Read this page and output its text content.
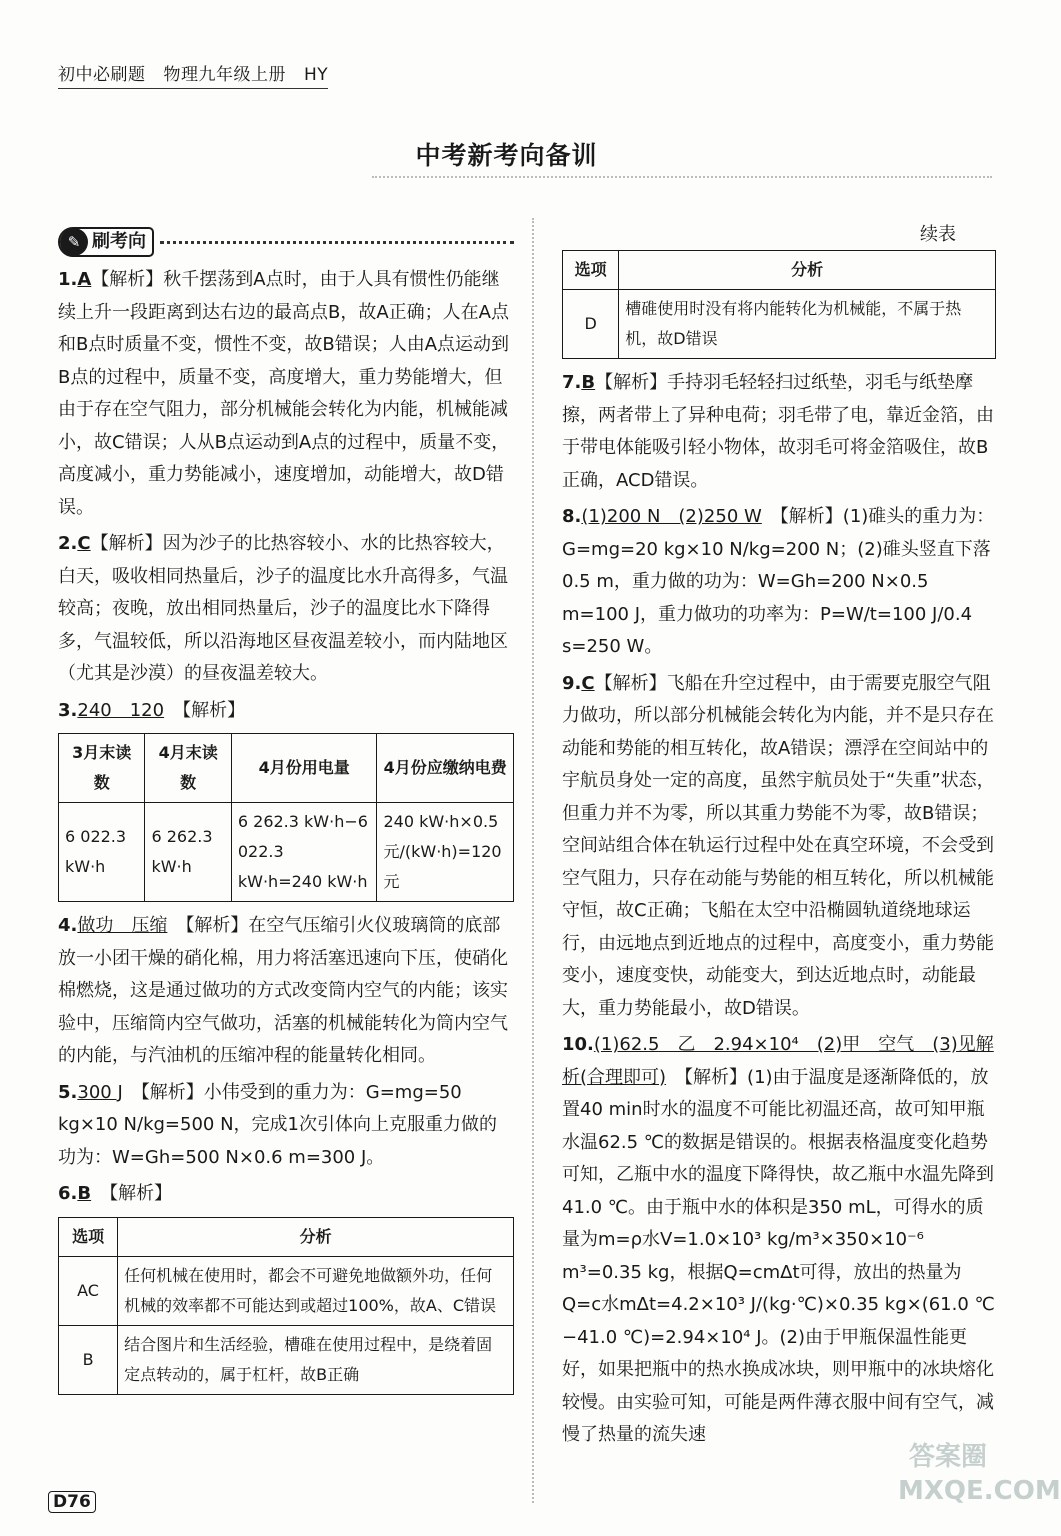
初中必刷题 物理九年级上册 HY
中考新考向备训
✎ 刷考向
1.A【解析】秋千摆荡到A点时，由于人具有惯性仍能继续上升一段距离到达右边的最高点B，故A正确；人在A点和B点时质量不变，惯性不变，故B错误；人由A点运动到B点的过程中，质量不变，高度增大，重力势能增大，但由于存在空气阻力，部分机械能会转化为内能，机械能减小，故C错误；人从B点运动到A点的过程中，质量不变，高度减小，重力势能减小，速度增加，动能增大，故D错误。
2.C【解析】因为沙子的比热容较小、水的比热容较大，白天，吸收相同热量后，沙子的温度比水升高得多，气温较高；夜晚，放出相同热量后，沙子的温度比水下降得多，气温较低，所以沿海地区昼夜温差较小，而内陆地区（尤其是沙漠）的昼夜温差较大。
3.240　120　 【解析】
3月末读数	4月末读数	4月份用电量	4月份应缴纳电费
6 022.3 kW·h	6 262.3 kW·h	6 262.3 kW·h−6 022.3 kW·h=240 kW·h	240 kW·h×0.5元/(kW·h)=120元
4.做功　压缩　 【解析】在空气压缩引火仪玻璃筒的底部放一小团干燥的硝化棉，用力将活塞迅速向下压，使硝化棉燃烧，这是通过做功的方式改变筒内空气的内能；该实验中，压缩筒内空气做功，活塞的机械能转化为筒内空气的内能，与汽油机的压缩冲程的能量转化相同。
5.300 J　 【解析】小伟受到的重力为：G=mg=50 kg×10 N/kg=500 N，完成1次引体向上克服重力做的功为：W=Gh=500 N×0.6 m=300 J。
6.B　 【解析】
选项	分析
AC	任何机械在使用时，都会不可避免地做额外功，任何机械的效率都不可能达到或超过100%，故A、C错误
B	结合图片和生活经验，槽碓在使用过程中，是绕着固定点转动的，属于杠杆，故B正确
续表
选项	分析
D	槽碓使用时没有将内能转化为机械能，不属于热机，故D错误
7.B【解析】手持羽毛轻轻扫过纸垫，羽毛与纸垫摩擦，两者带上了异种电荷；羽毛带了电，靠近金箔，由于带电体能吸引轻小物体，故羽毛可将金箔吸住，故B正确，ACD错误。
8.(1)200 N　(2)250 W　 【解析】(1)碓头的重力为：G=mg=20 kg×10 N/kg=200 N；(2)碓头竖直下落0.5 m，重力做的功为：W=Gh=200 N×0.5 m=100 J，重力做功的功率为：P=W/t=100 J/0.4 s=250 W。
9.C【解析】飞船在升空过程中，由于需要克服空气阻力做功，所以部分机械能会转化为内能，并不是只存在动能和势能的相互转化，故A错误；漂浮在空间站中的宇航员身处一定的高度，虽然宇航员处于“失重”状态，但重力并不为零，所以其重力势能不为零，故B错误；空间站组合体在轨运行过程中处在真空环境，不会受到空气阻力，只存在动能与势能的相互转化，所以机械能守恒，故C正确；飞船在太空中沿椭圆轨道绕地球运行，由远地点到近地点的过程中，高度变小，重力势能变小，速度变快，动能变大，到达近地点时，动能最大，重力势能最小，故D错误。
10.(1)62.5　乙　2.94×10⁴　(2)甲　空气　(3)见解析(合理即可)　 【解析】(1)由于温度是逐渐降低的，放置40 min时水的温度不可能比初温还高，故可知甲瓶水温62.5 ℃的数据是错误的。根据表格温度变化趋势可知，乙瓶中水的温度下降得快，故乙瓶中水温先降到41.0 ℃。由于瓶中水的体积是350 mL，可得水的质量为m=ρ水V=1.0×10³ kg/m³×350×10⁻⁶ m³=0.35 kg，根据Q=cmΔt可得，放出的热量为Q=c水mΔt=4.2×10³ J/(kg·℃)×0.35 kg×(61.0 ℃−41.0 ℃)=2.94×10⁴ J。(2)由于甲瓶保温性能更好，如果把瓶中的热水换成冰块，则甲瓶中的冰块熔化较慢。由实验可知，可能是两件薄衣服中间有空气，减慢了热量的流失速
D76
答案圈 MXQE.COM
